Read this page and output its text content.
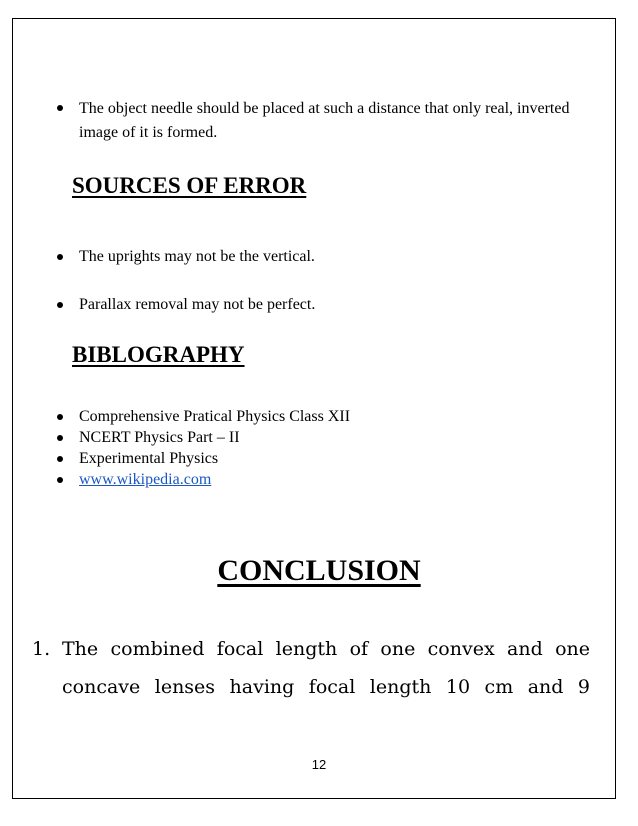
The object needle should be placed at such a distance that only real, inverted image of it is formed.
SOURCES OF ERROR
The uprights may not be the vertical.
Parallax removal may not be perfect.
BIBLOGRAPHY
Comprehensive Pratical Physics Class XII
NCERT Physics Part – II
Experimental Physics
www.wikipedia.com
CONCLUSION
1. The combined focal length of one convex and one concave lenses having focal length 10 cm and 9
12
